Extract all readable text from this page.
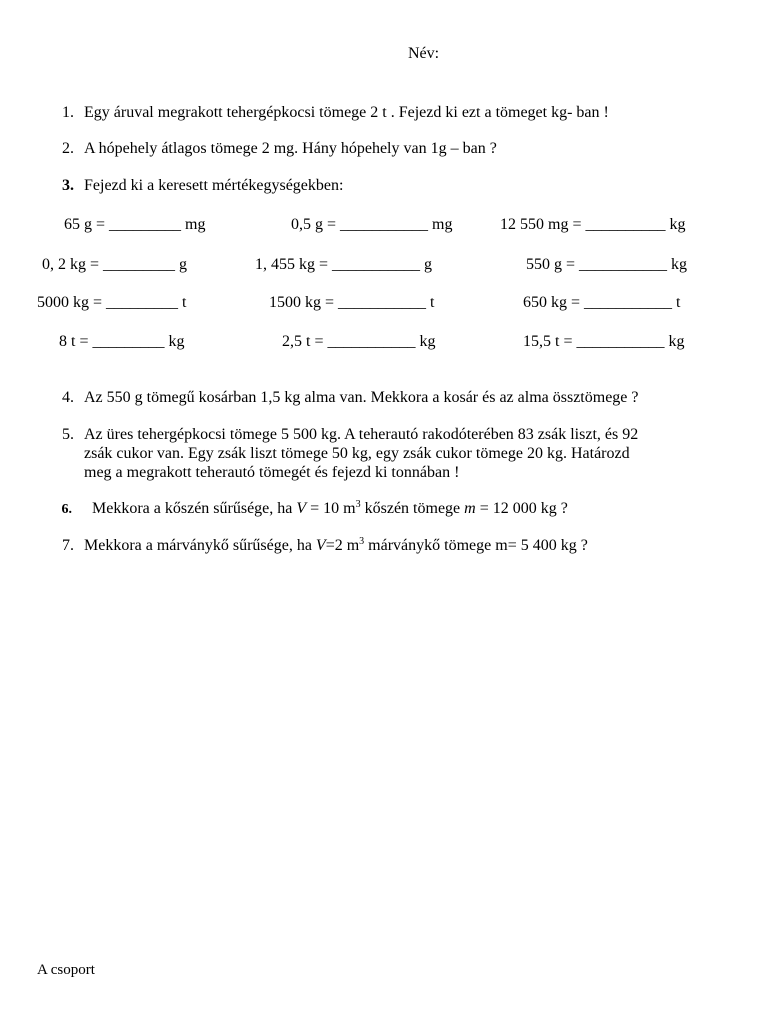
Név:
1. Egy áruval megrakott tehergépkocsi tömege 2 t . Fejezd ki ezt a tömeget kg- ban !
2. A hópehely átlagos tömege 2 mg. Hány hópehely van 1g – ban ?
3. Fejezd ki a keresett mértékegységekben:
65 g = _________ mg	0,5 g = ___________ mg	12 550 mg = __________ kg
0, 2 kg = _________ g	1, 455 kg = ___________ g	550 g = ___________ kg
5000 kg = _________ t	1500 kg = ___________ t	650 kg = ___________ t
8 t = _________ kg	2,5 t = ___________ kg	15,5 t = ___________ kg
4. Az 550 g tömegű kosárban 1,5 kg alma van. Mekkora a kosár és az alma össztömege ?
5. Az üres tehergépkocsi tömege 5 500 kg. A teherautó rakodóterében 83 zsák liszt, és 92
zsák cukor van. Egy zsák liszt tömege 50 kg, egy zsák cukor tömege 20 kg. Határozd
meg a megrakott teherautó tömegét és fejezd ki tonnában !
6. Mekkora a kőszén sűrűsége, ha V = 10 $m^3$ kőszén tömege m = 12 000 kg ?
7. Mekkora a márványkő sűrűsége, ha V=2 $m^3$ márványkő tömege m= 5 400 kg ?
A csoport
